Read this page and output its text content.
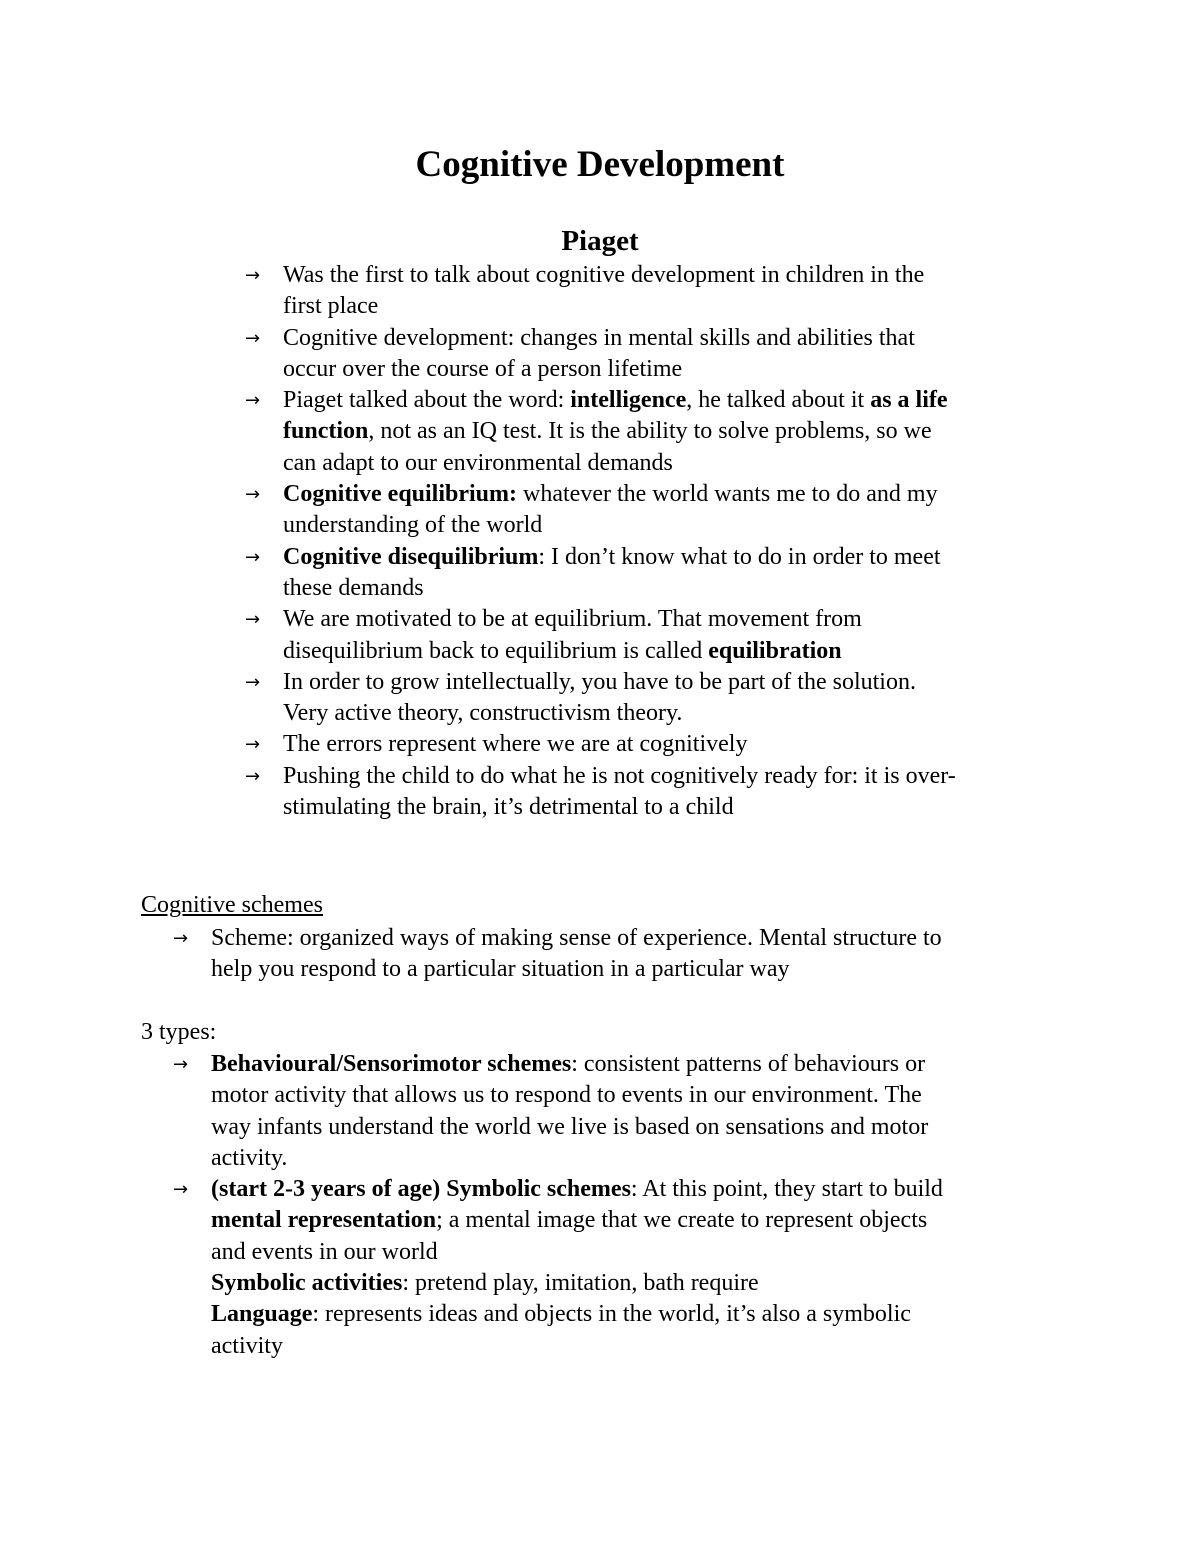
Cognitive Development
Piaget
→ Was the first to talk about cognitive development in children in the
first place
→ Cognitive development: changes in mental skills and abilities that
occur over the course of a person lifetime
→ Piaget talked about the word: intelligence, he talked about it as a life
function, not as an IQ test. It is the ability to solve problems, so we
can adapt to our environmental demands
→ Cognitive equilibrium: whatever the world wants me to do and my
understanding of the world
→ Cognitive disequilibrium: I don’t know what to do in order to meet
these demands
→ We are motivated to be at equilibrium. That movement from
disequilibrium back to equilibrium is called equilibration
→ In order to grow intellectually, you have to be part of the solution.
Very active theory, constructivism theory.
→ The errors represent where we are at cognitively
→ Pushing the child to do what he is not cognitively ready for: it is over-
stimulating the brain, it’s detrimental to a child

Cognitive schemes

→ Scheme: organized ways of making sense of experience. Mental structure to
help you respond to a particular situation in a particular way

3 types:

→ Behavioural/Sensorimotor schemes: consistent patterns of behaviours or
motor activity that allows us to respond to events in our environment. The
way infants understand the world we live is based on sensations and motor
activity.
→ (start 2-3 years of age) Symbolic schemes: At this point, they start to build
mental representation; a mental image that we create to represent objects
and events in our world
Symbolic activities: pretend play, imitation, bath require
Language: represents ideas and objects in the world, it’s also a symbolic
activity
